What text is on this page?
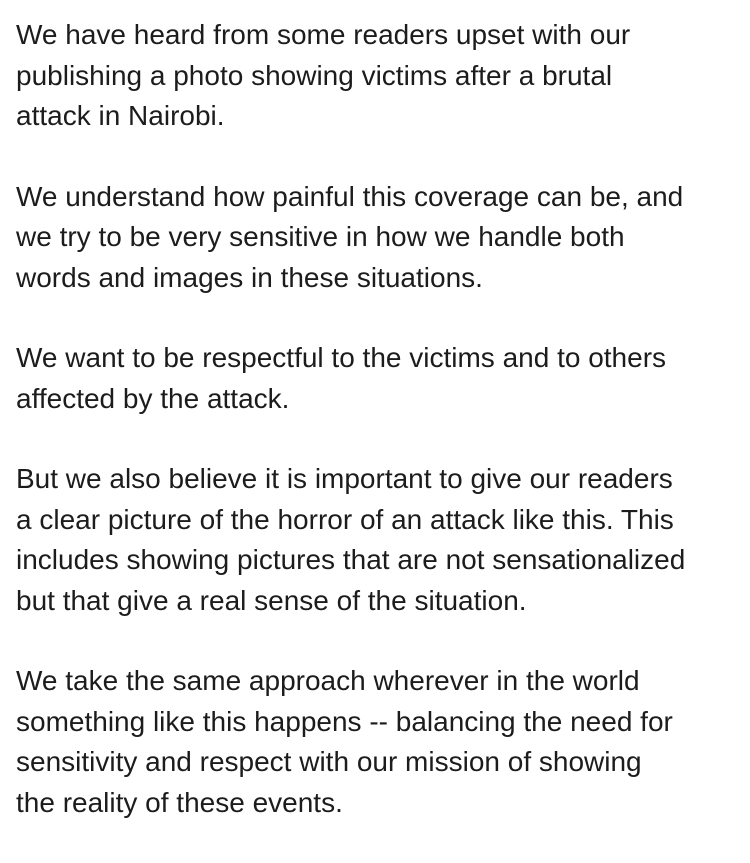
We have heard from some readers upset with our
publishing a photo showing victims after a brutal
attack in Nairobi.

We understand how painful this coverage can be, and
we try to be very sensitive in how we handle both
words and images in these situations.

We want to be respectful to the victims and to others
affected by the attack.

But we also believe it is important to give our readers
a clear picture of the horror of an attack like this. This
includes showing pictures that are not sensationalized
but that give a real sense of the situation.

We take the same approach wherever in the world
something like this happens -- balancing the need for
sensitivity and respect with our mission of showing
the reality of these events.
